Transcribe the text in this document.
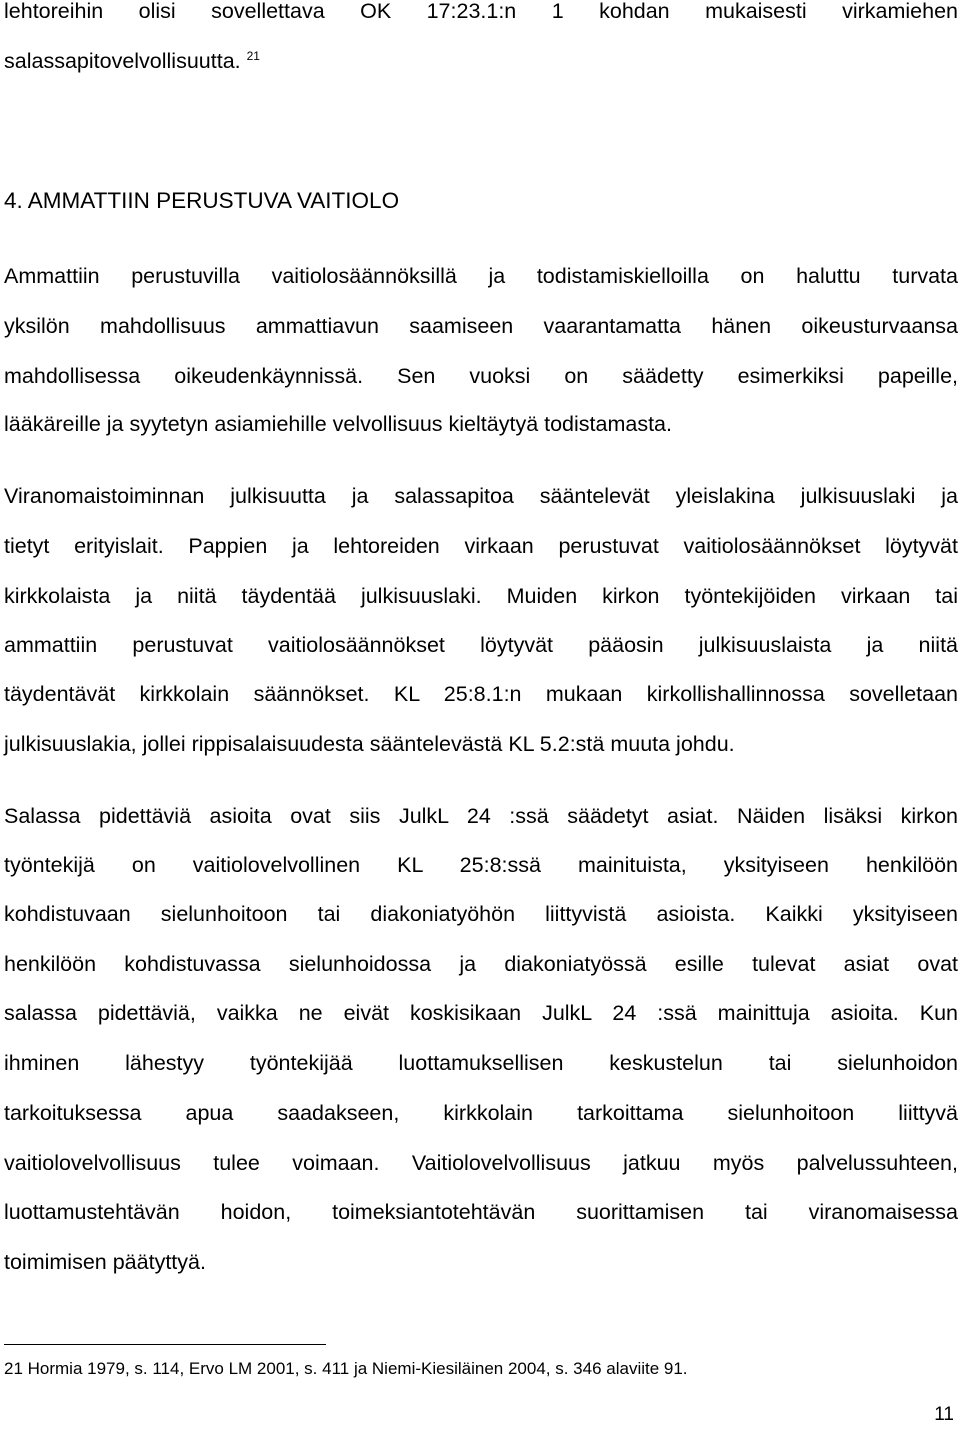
lehtoreihin olisi sovellettava OK 17:23.1:n 1 kohdan mukaisesti virkamiehen
salassapitovelvollisuutta. $^{21}$
4. AMMATTIIN PERUSTUVA VAITIOLO
Ammattiin perustuvilla vaitiolosäännöksillä ja todistamiskielloilla on haluttu turvata
yksilön mahdollisuus ammattiavun saamiseen vaarantamatta hänen oikeusturvaansa
mahdollisessa oikeudenkäynnissä. Sen vuoksi on säädetty esimerkiksi papeille,
lääkäreille ja syytetyn asiamiehille velvollisuus kieltäytyä todistamasta.
Viranomaistoiminnan julkisuutta ja salassapitoa sääntelevät yleislakina julkisuuslaki ja
tietyt erityislait. Pappien ja lehtoreiden virkaan perustuvat vaitiolosäännökset löytyvät
kirkkolaista ja niitä täydentää julkisuuslaki. Muiden kirkon työntekijöiden virkaan tai
ammattiin perustuvat vaitiolosäännökset löytyvät pääosin julkisuuslaista ja niitä
täydentävät kirkkolain säännökset. KL 25:8.1:n mukaan kirkollishallinnossa sovelletaan
julkisuuslakia, jollei rippisalaisuudesta sääntelevästä KL 5.2:stä muuta johdu.
Salassa pidettäviä asioita ovat siis JulkL 24 :ssä säädetyt asiat. Näiden lisäksi kirkon
työntekijä on vaitiolovelvollinen KL 25:8:ssä mainituista, yksityiseen henkilöön
kohdistuvaan sielunhoitoon tai diakoniatyöhön liittyvistä asioista. Kaikki yksityiseen
henkilöön kohdistuvassa sielunhoidossa ja diakoniatyössä esille tulevat asiat ovat
salassa pidettäviä, vaikka ne eivät koskisikaan JulkL 24 :ssä mainittuja asioita. Kun
ihminen lähestyy työntekijää luottamuksellisen keskustelun tai sielunhoidon
tarkoituksessa apua saadakseen, kirkkolain tarkoittama sielunhoitoon liittyvä
vaitiolovelvollisuus tulee voimaan. Vaitiolovelvollisuus jatkuu myös palvelussuhteen,
luottamustehtävän hoidon, toimeksiantotehtävän suorittamisen tai viranomaisessa
toimimisen päätyttyä.
21 Hormia 1979, s. 114, Ervo LM 2001, s. 411 ja Niemi-Kiesiläinen 2004, s. 346 alaviite 91.
11
